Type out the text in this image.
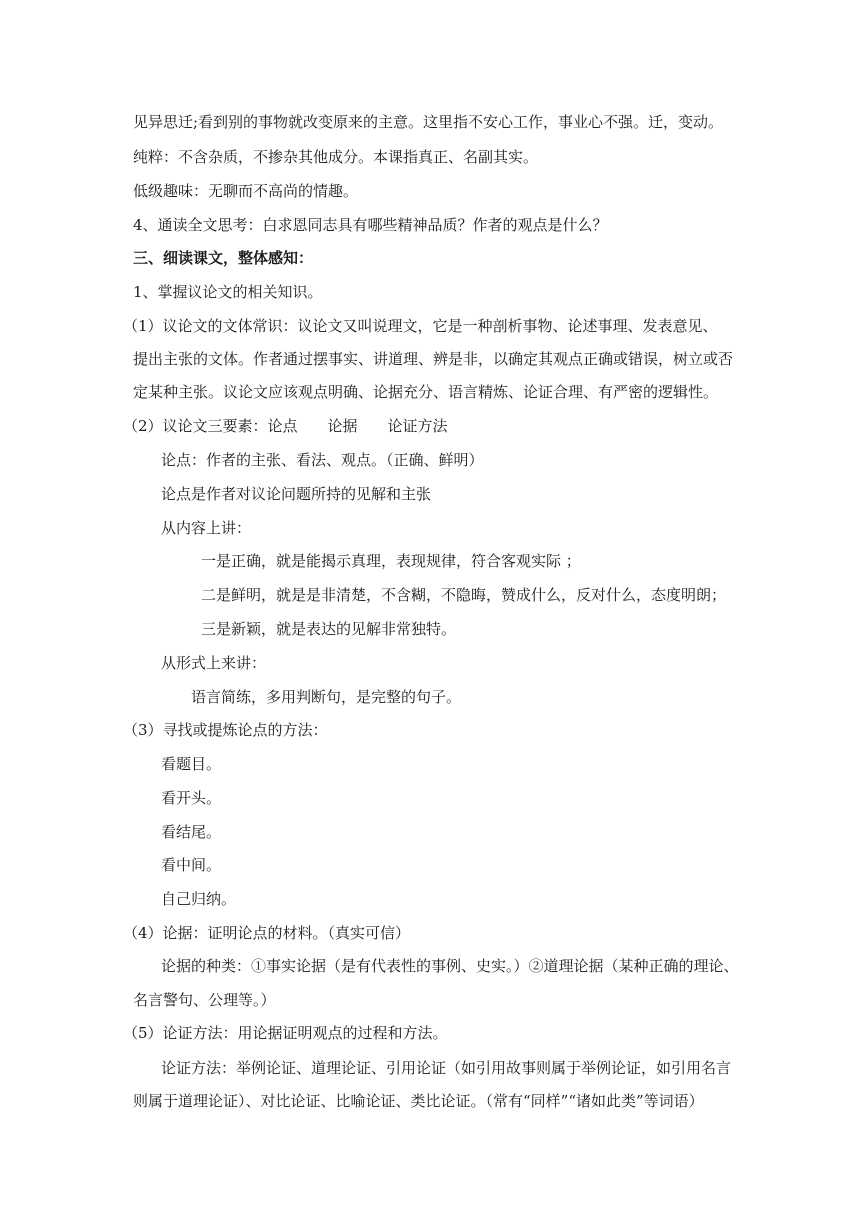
见异思迁;看到别的事物就改变原来的主意。这里指不安心工作，事业心不强。迁，变动。
纯粹：不含杂质，不掺杂其他成分。本课指真正、名副其实。
低级趣味：无聊而不高尚的情趣。
4、通读全文思考：白求恩同志具有哪些精神品质？作者的观点是什么？
三、细读课文，整体感知：
1、掌握议论文的相关知识。
（1）议论文的文体常识：议论文又叫说理文，它是一种剖析事物、论述事理、发表意见、
提出主张的文体。作者通过摆事实、讲道理、辨是非，以确定其观点正确或错误，树立或否
定某种主张。议论文应该观点明确、论据充分、语言精炼、论证合理、有严密的逻辑性。
（2）议论文三要素：论点　　论据　　论证方法
论点：作者的主张、看法、观点。（正确、鲜明）
论点是作者对议论问题所持的见解和主张
从内容上讲：
一是正确，就是能揭示真理，表现规律，符合客观实际 ；
二是鲜明，就是是非清楚，不含糊，不隐晦，赞成什么，反对什么，态度明朗；
三是新颖，就是表达的见解非常独特。
从形式上来讲：
语言简练，多用判断句，是完整的句子。
（3）寻找或提炼论点的方法：
看题目。
看开头。
看结尾。
看中间。
自己归纳。
（4）论据：证明论点的材料。（真实可信）
论据的种类：①事实论据（是有代表性的事例、史实。）②道理论据（某种正确的理论、
名言警句、公理等。）
（5）论证方法：用论据证明观点的过程和方法。
论证方法：举例论证、道理论证、引用论证（如引用故事则属于举例论证，如引用名言
则属于道理论证）、对比论证、比喻论证、类比论证。（常有“同样”“诸如此类”等词语）
